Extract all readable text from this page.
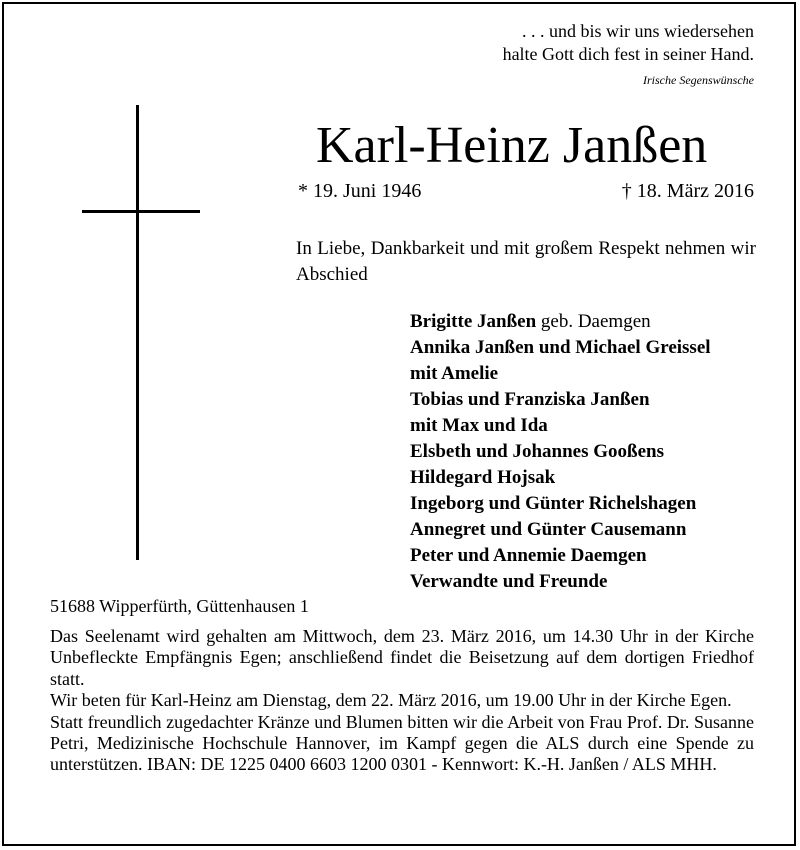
. . . und bis wir uns wiedersehen
halte Gott dich fest in seiner Hand.
Irische Segenswünsche
Karl-Heinz Janßen
* 19. Juni 1946	† 18. März 2016
In Liebe, Dankbarkeit und mit großem Respekt nehmen wir Abschied
Brigitte Janßen geb. Daemgen
Annika Janßen und Michael Greissel
mit Amelie
Tobias und Franziska Janßen
mit Max und Ida
Elsbeth und Johannes Gooßens
Hildegard Hojsak
Ingeborg und Günter Richelshagen
Annegret und Günter Causemann
Peter und Annemie Daemgen
Verwandte und Freunde
51688 Wipperfürth, Güttenhausen 1

Das Seelenamt wird gehalten am Mittwoch, dem 23. März 2016, um 14.30 Uhr in der Kirche Unbefleckte Empfängnis Egen; anschließend findet die Beisetzung auf dem dortigen Friedhof statt.

Wir beten für Karl-Heinz am Dienstag, dem 22. März 2016, um 19.00 Uhr in der Kirche Egen.

Statt freundlich zugedachter Kränze und Blumen bitten wir die Arbeit von Frau Prof. Dr. Susanne Petri, Medizinische Hochschule Hannover, im Kampf gegen die ALS durch eine Spende zu unterstützen. IBAN: DE 1225 0400 6603 1200 0301 - Kennwort: K.-H. Janßen / ALS MHH.
